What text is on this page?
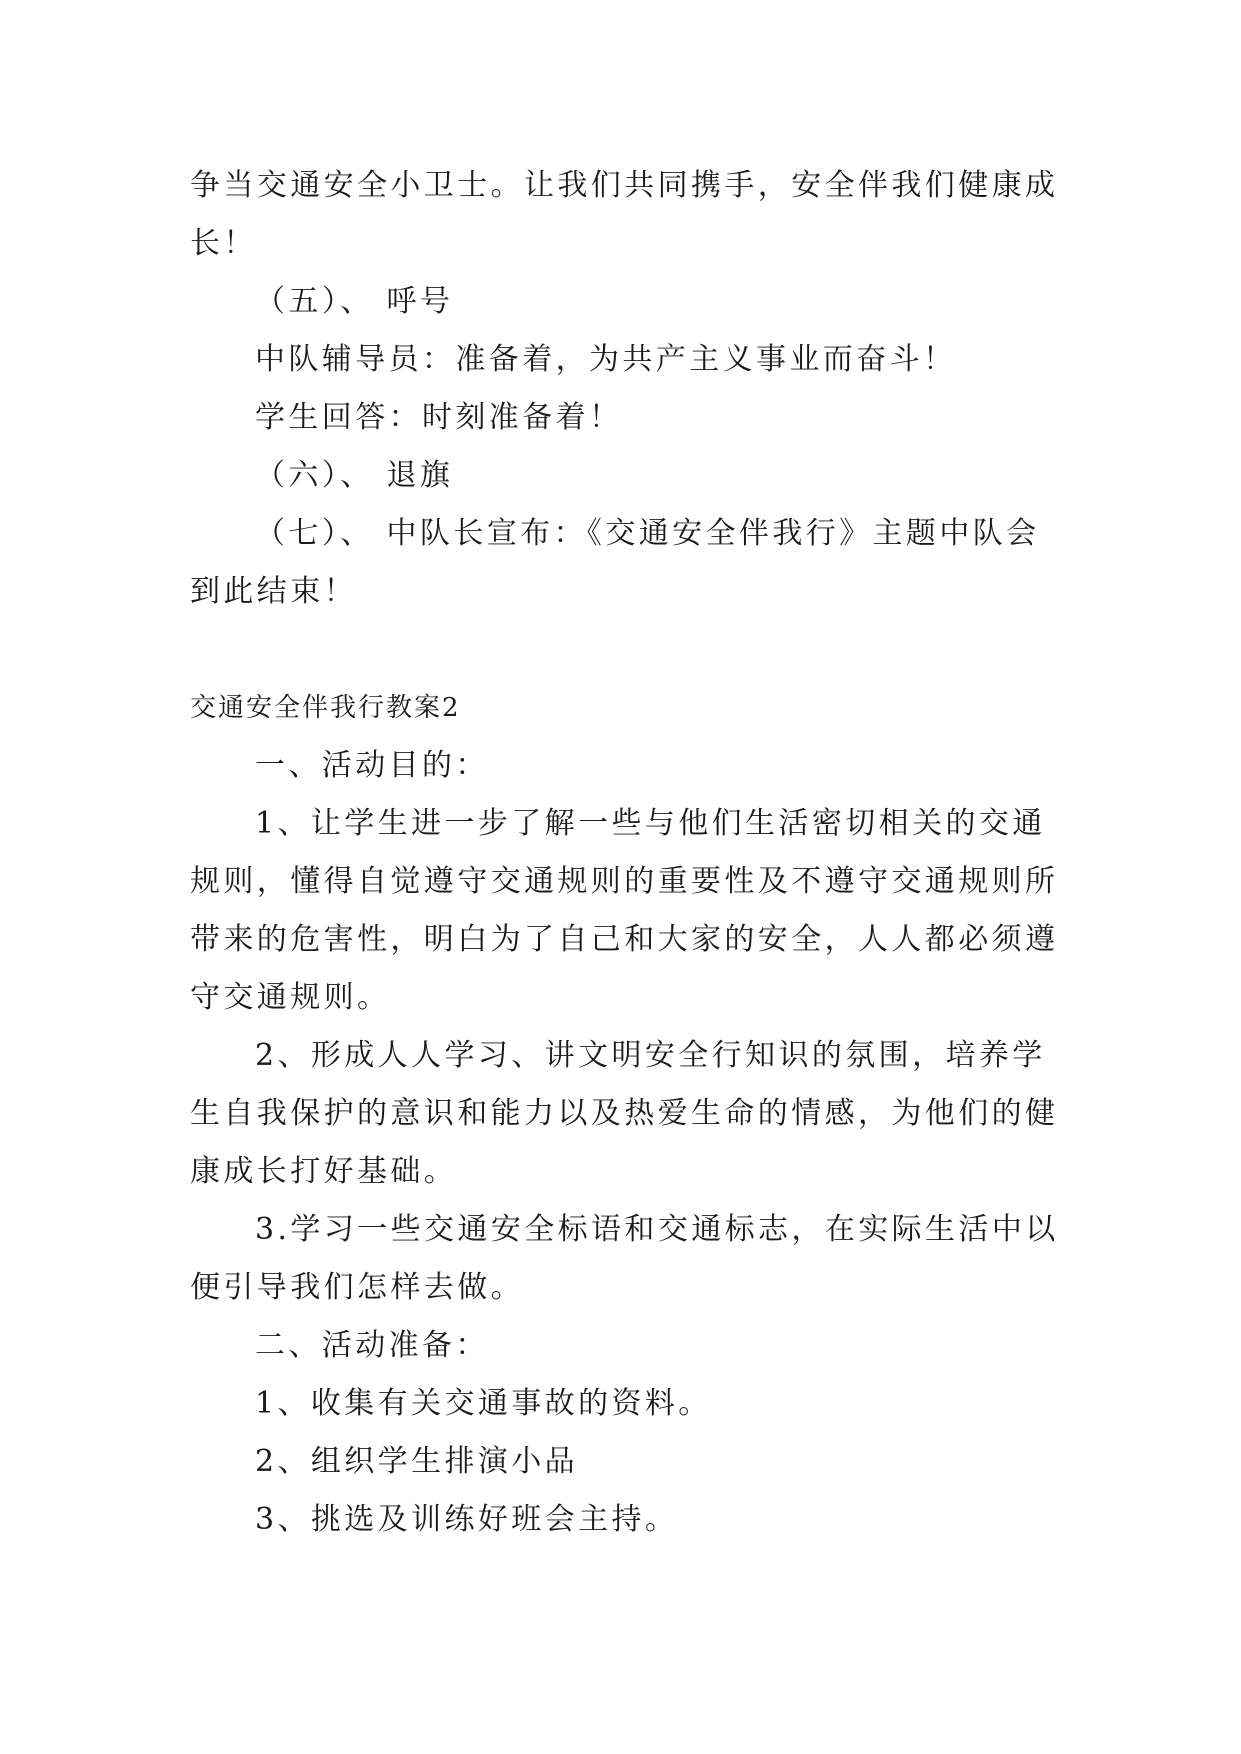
争当交通安全小卫士。让我们共同携手，安全伴我们健康成

长！

（五）、 呼号

中队辅导员：准备着，为共产主义事业而奋斗！

学生回答：时刻准备着！

（六）、 退旗

（七）、 中队长宣布：《交通安全伴我行》主题中队会

到此结束！

交通安全伴我行教案2

一、活动目的：

1、让学生进一步了解一些与他们生活密切相关的交通

规则，懂得自觉遵守交通规则的重要性及不遵守交通规则所

带来的危害性，明白为了自己和大家的安全，人人都必须遵

守交通规则。

2、形成人人学习、讲文明安全行知识的氛围，培养学

生自我保护的意识和能力以及热爱生命的情感，为他们的健

康成长打好基础。

3.学习一些交通安全标语和交通标志，在实际生活中以

便引导我们怎样去做。

二、活动准备：

1、收集有关交通事故的资料。

2、组织学生排演小品

3、挑选及训练好班会主持。
